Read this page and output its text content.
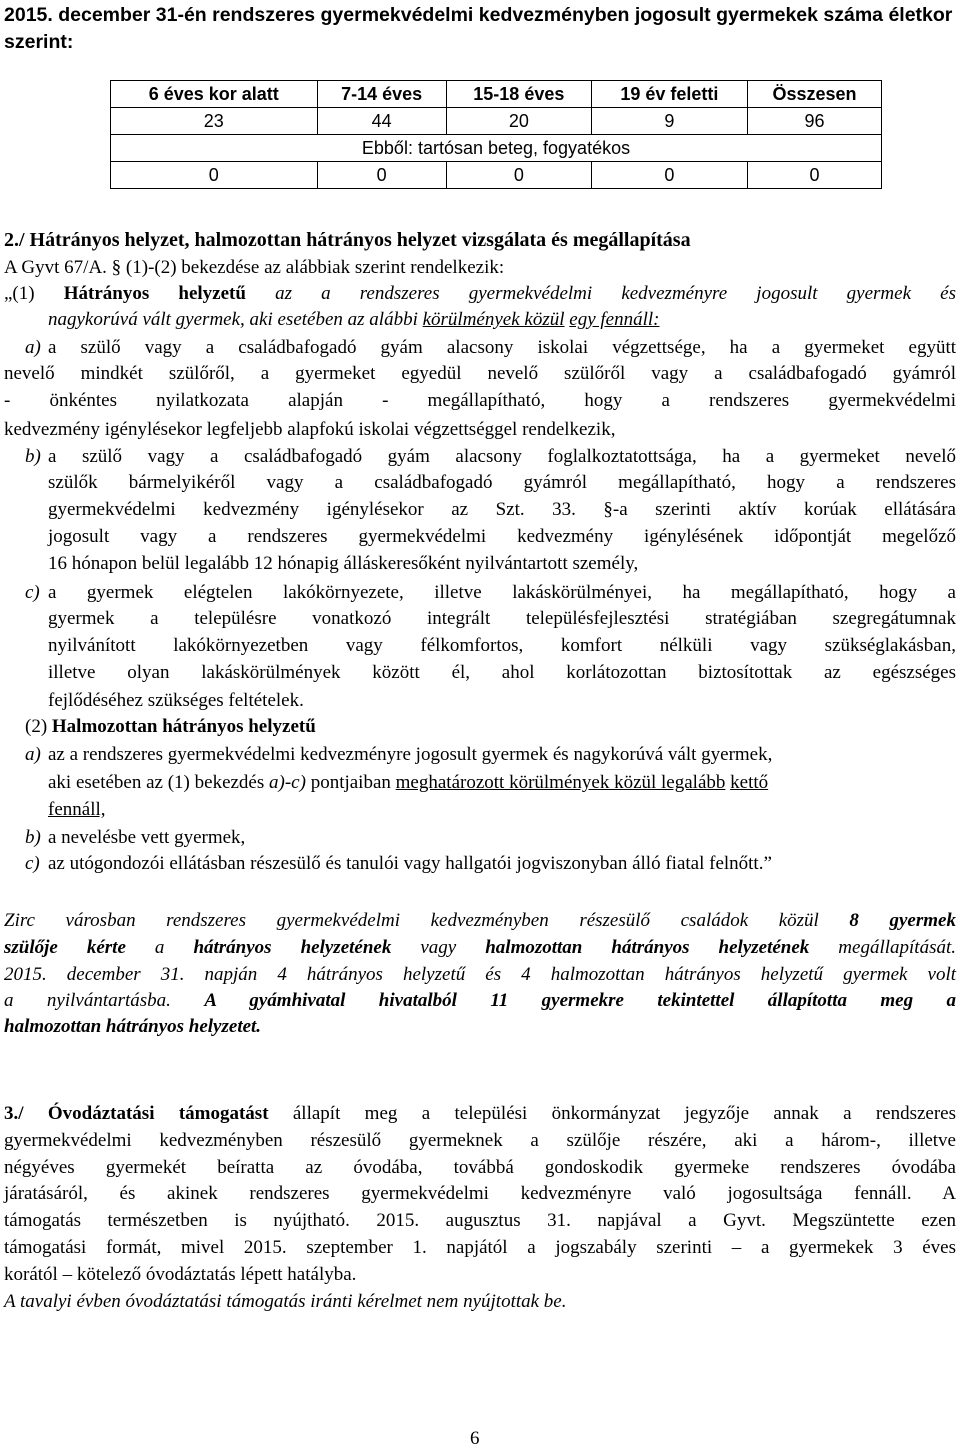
2015. december 31-én rendszeres gyermekvédelmi kedvezményben jogosult gyermekek száma életkor szerint:
6 éves kor alatt	7-14 éves	15-18 éves	19 év feletti	Összesen
23	44	20	9	96
Ebből: tartósan beteg, fogyatékos				
0	0	0	0	0
2./ Hátrányos helyzet, halmozottan hátrányos helyzet vizsgálata és megállapítása
A Gyvt 67/A. § (1)-(2) bekezdése az alábbiak szerint rendelkezik:
„(1) Hátrányos helyzetű az a rendszeres gyermekvédelmi kedvezményre jogosult gyermek és
nagykorúvá vált gyermek, aki esetében az alábbi körülmények közül egy fennáll:
a) a szülő vagy a családbafogadó gyám alacsony iskolai végzettsége, ha a gyermeket együtt
nevelő mindkét szülőről, a gyermeket egyedül nevelő szülőről vagy a családbafogadó gyámról
- önkéntes nyilatkozata alapján - megállapítható, hogy a rendszeres gyermekvédelmi
kedvezmény igénylésekor legfeljebb alapfokú iskolai végzettséggel rendelkezik,
b) a szülő vagy a családbafogadó gyám alacsony foglalkoztatottsága, ha a gyermeket nevelő
szülők bármelyikéről vagy a családbafogadó gyámról megállapítható, hogy a rendszeres
gyermekvédelmi kedvezmény igénylésekor az Szt. 33. §-a szerinti aktív korúak ellátására
jogosult vagy a rendszeres gyermekvédelmi kedvezmény igénylésének időpontját megelőző
16 hónapon belül legalább 12 hónapig álláskeresőként nyilvántartott személy,
c) a gyermek elégtelen lakókörnyezete, illetve lakáskörülményei, ha megállapítható, hogy a
gyermek a településre vonatkozó integrált településfejlesztési stratégiában szegregátumnak
nyilvánított lakókörnyezetben vagy félkomfortos, komfort nélküli vagy szükséglakásban,
illetve olyan lakáskörülmények között él, ahol korlátozottan biztosítottak az egészséges
fejlődéséhez szükséges feltételek.
(2) Halmozottan hátrányos helyzetű
a) az a rendszeres gyermekvédelmi kedvezményre jogosult gyermek és nagykorúvá vált gyermek,
aki esetében az (1) bekezdés a)-c) pontjaiban meghatározott körülmények közül legalább kettő
fennáll,
b) a nevelésbe vett gyermek,
c) az utógondozói ellátásban részesülő és tanulói vagy hallgatói jogviszonyban álló fiatal felnőtt.”
Zirc városban rendszeres gyermekvédelmi kedvezményben részesülő családok közül 8 gyermek
szülője kérte a hátrányos helyzetének vagy halmozottan hátrányos helyzetének megállapítását.
2015. december 31. napján 4 hátrányos helyzetű és 4 halmozottan hátrányos helyzetű gyermek volt
a nyilvántartásba. A gyámhivatal hivatalból 11 gyermekre tekintettel állapította meg a
halmozottan hátrányos helyzetet.
3./ Óvodáztatási támogatást állapít meg a települési önkormányzat jegyzője annak a rendszeres
gyermekvédelmi kedvezményben részesülő gyermeknek a szülője részére, aki a három-, illetve
négyéves gyermekét beíratta az óvodába, továbbá gondoskodik gyermeke rendszeres óvodába
járatásáról, és akinek rendszeres gyermekvédelmi kedvezményre való jogosultsága fennáll. A
támogatás természetben is nyújtható. 2015. augusztus 31. napjával a Gyvt. Megszüntette ezen
támogatási formát, mivel 2015. szeptember 1. napjától a jogszabály szerinti – a gyermekek 3 éves
korától – kötelező óvodáztatás lépett hatályba.
A tavalyi évben óvodáztatási támogatás iránti kérelmet nem nyújtottak be.
6
